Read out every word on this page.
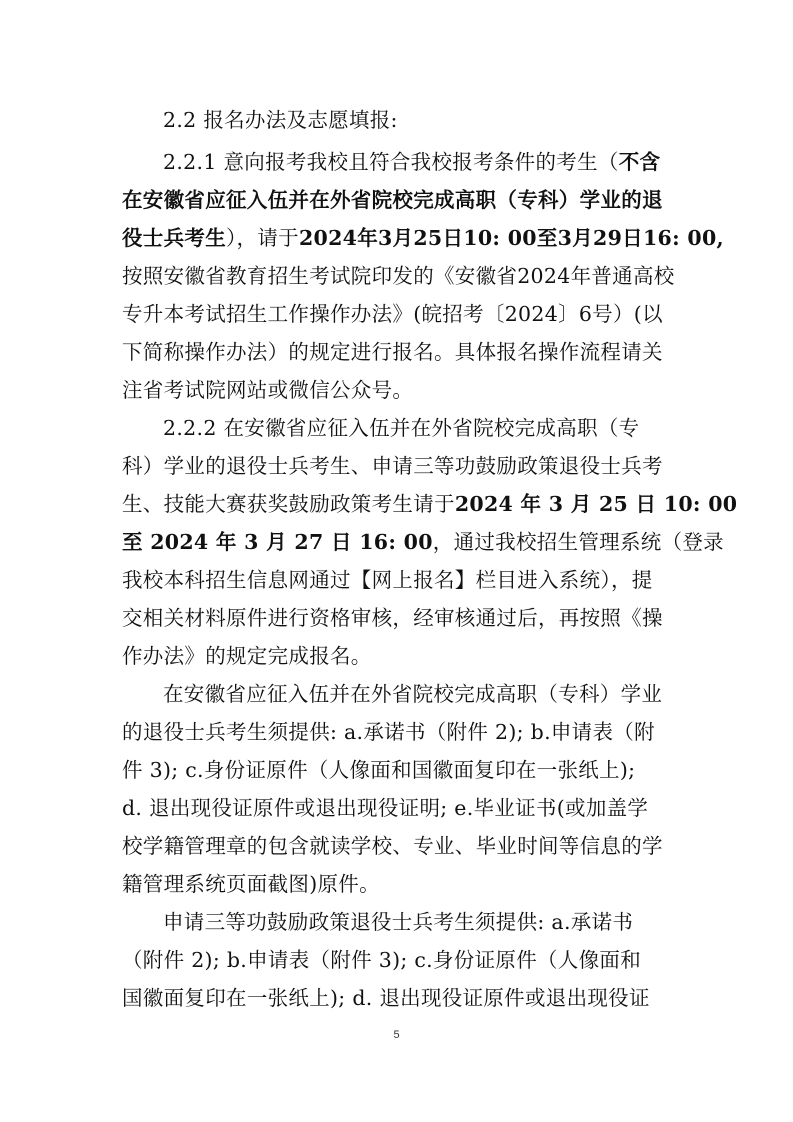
2.2 报名办法及志愿填报:

2.2.1 意向报考我校且符合我校报考条件的考生（不含

在安徽省应征入伍并在外省院校完成高职（专科）学业的退

役士兵考生），请于2024年3月25日10: 00至3月29日16: 00,

按照安徽省教育招生考试院印发的《安徽省2024年普通高校

专升本考试招生工作操作办法》(皖招考〔2024〕6号）(以

下简称操作办法）的规定进行报名。具体报名操作流程请关

注省考试院网站或微信公众号。

2.2.2 在安徽省应征入伍并在外省院校完成高职（专

科）学业的退役士兵考生、申请三等功鼓励政策退役士兵考

生、技能大赛获奖鼓励政策考生请于2024 年 3 月 25 日 10: 00

至 2024 年 3 月 27 日 16: 00，通过我校招生管理系统（登录

我校本科招生信息网通过【网上报名】栏目进入系统），提

交相关材料原件进行资格审核，经审核通过后，再按照《操

作办法》的规定完成报名。

在安徽省应征入伍并在外省院校完成高职（专科）学业

的退役士兵考生须提供: a.承诺书（附件 2); b.申请表（附

件 3); c.身份证原件（人像面和国徽面复印在一张纸上);

d. 退出现役证原件或退出现役证明; e.毕业证书(或加盖学

校学籍管理章的包含就读学校、专业、毕业时间等信息的学

籍管理系统页面截图)原件。

申请三等功鼓励政策退役士兵考生须提供: a.承诺书

（附件 2); b.申请表（附件 3); c.身份证原件（人像面和

国徽面复印在一张纸上); d. 退出现役证原件或退出现役证

5
